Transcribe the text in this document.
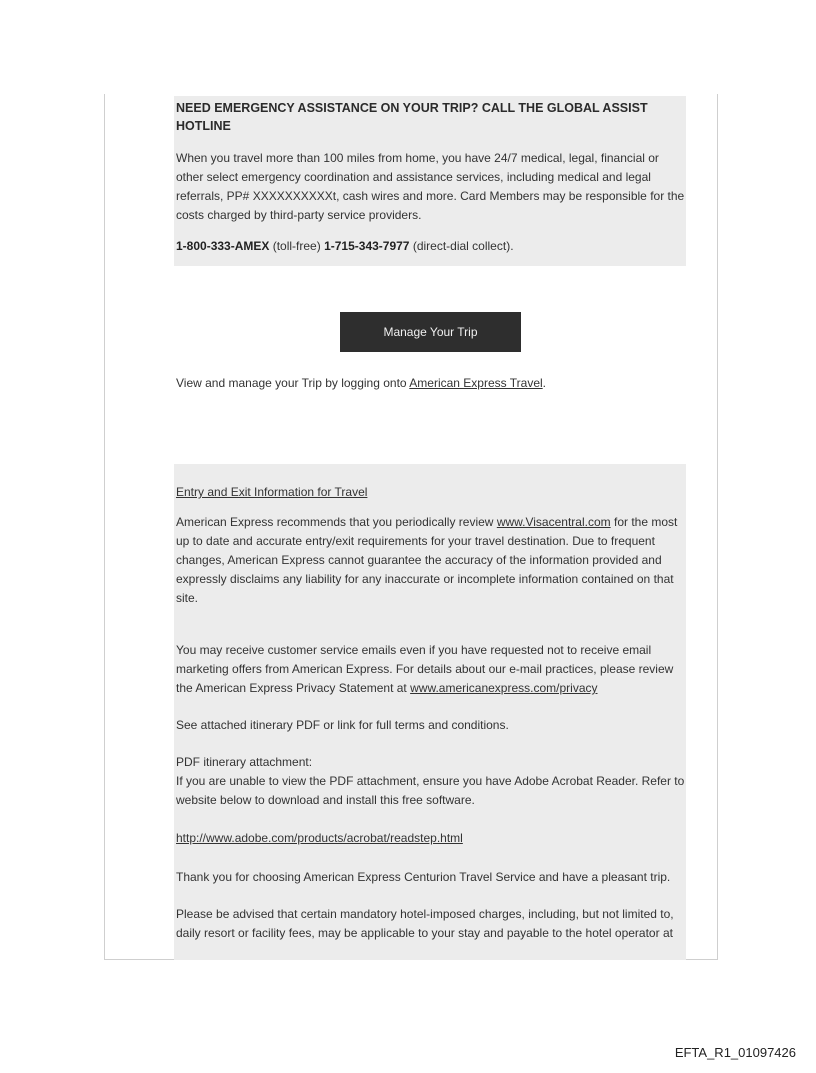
NEED EMERGENCY ASSISTANCE ON YOUR TRIP? CALL THE GLOBAL ASSIST HOTLINE

When you travel more than 100 miles from home, you have 24/7 medical, legal, financial or other select emergency coordination and assistance services, including medical and legal referrals, PP# XXXXXXXXXXt, cash wires and more. Card Members may be responsible for the costs charged by third-party service providers.

1-800-333-AMEX (toll-free) 1-715-343-7977 (direct-dial collect).

Manage Your Trip

View and manage your Trip by logging onto American Express Travel.

Entry and Exit Information for Travel

American Express recommends that you periodically review www.Visacentral.com for the most up to date and accurate entry/exit requirements for your travel destination. Due to frequent changes, American Express cannot guarantee the accuracy of the information provided and expressly disclaims any liability for any inaccurate or incomplete information contained on that site.

You may receive customer service emails even if you have requested not to receive email marketing offers from American Express. For details about our e-mail practices, please review the American Express Privacy Statement at www.americanexpress.com/privacy

See attached itinerary PDF or link for full terms and conditions.

PDF itinerary attachment:

If you are unable to view the PDF attachment, ensure you have Adobe Acrobat Reader. Refer to website below to download and install this free software.

http://www.adobe.com/products/acrobat/readstep.html

Thank you for choosing American Express Centurion Travel Service and have a pleasant trip.

Please be advised that certain mandatory hotel-imposed charges, including, but not limited to, daily resort or facility fees, may be applicable to your stay and payable to the hotel operator at

EFTA_R1_01097426
